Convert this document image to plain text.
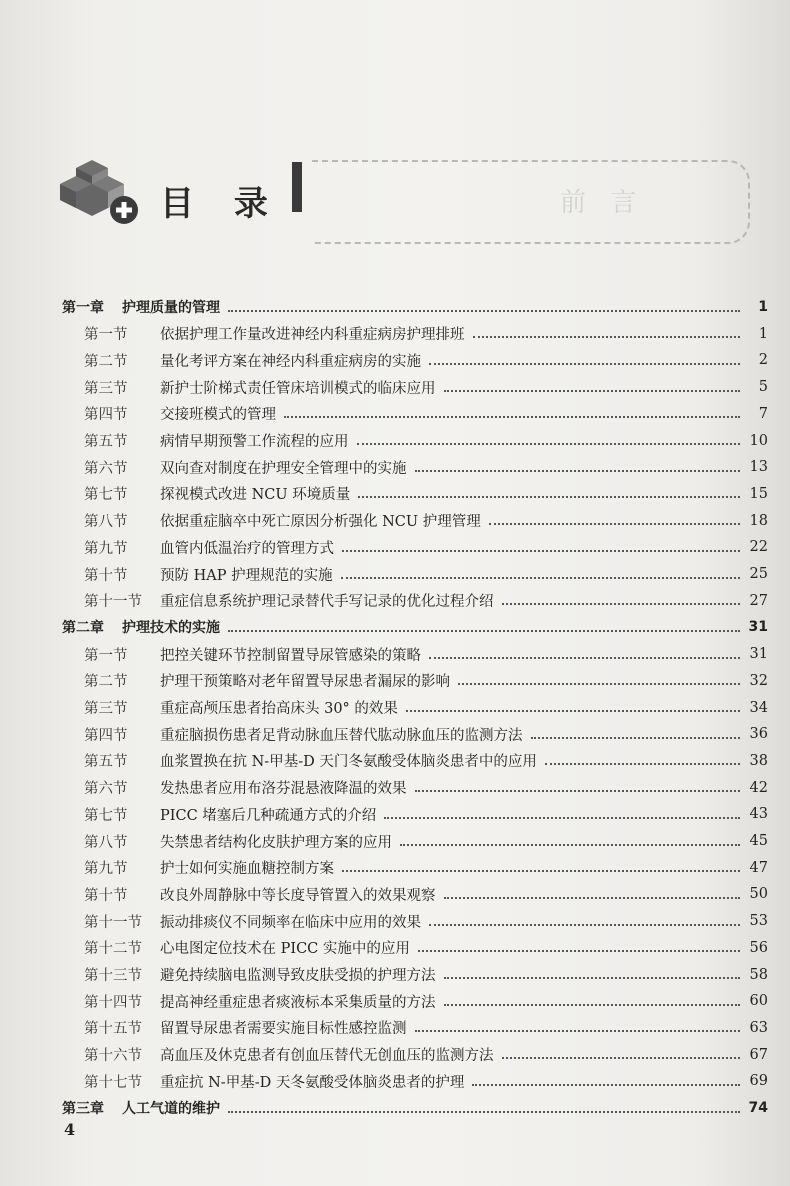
目 录	前 言
第一章 护理质量的管理	1
第一节	依据护理工作量改进神经内科重症病房护理排班	1
第二节	量化考评方案在神经内科重症病房的实施	2
第三节	新护士阶梯式责任管床培训模式的临床应用	5
第四节	交接班模式的管理	7
第五节	病情早期预警工作流程的应用	10
第六节	双向查对制度在护理安全管理中的实施	13
第七节	探视模式改进 NCU 环境质量	15
第八节	依据重症脑卒中死亡原因分析强化 NCU 护理管理	18
第九节	血管内低温治疗的管理方式	22
第十节	预防 HAP 护理规范的实施	25
第十一节 重症信息系统护理记录替代手写记录的优化过程介绍	27
第二章 护理技术的实施	31
第一节	把控关键环节控制留置导尿管感染的策略	31
第二节	护理干预策略对老年留置导尿患者漏尿的影响	32
第三节	重症高颅压患者抬高床头 30° 的效果	34
第四节	重症脑损伤患者足背动脉血压替代肱动脉血压的监测方法	36
第五节	血浆置换在抗 N-甲基-D 天门冬氨酸受体脑炎患者中的应用	38
第六节	发热患者应用布洛芬混悬液降温的效果	42
第七节	PICC 堵塞后几种疏通方式的介绍	43
第八节	失禁患者结构化皮肤护理方案的应用	45
第九节	护士如何实施血糖控制方案	47
第十节	改良外周静脉中等长度导管置入的效果观察	50
第十一节 振动排痰仪不同频率在临床中应用的效果	53
第十二节 心电图定位技术在 PICC 实施中的应用	56
第十三节 避免持续脑电监测导致皮肤受损的护理方法	58
第十四节 提高神经重症患者痰液标本采集质量的方法	60
第十五节 留置导尿患者需要实施目标性感控监测	63
第十六节 高血压及休克患者有创血压替代无创血压的监测方法	67
第十七节 重症抗 N-甲基-D 天冬氨酸受体脑炎患者的护理	69
第三章 人工气道的维护	74
4
